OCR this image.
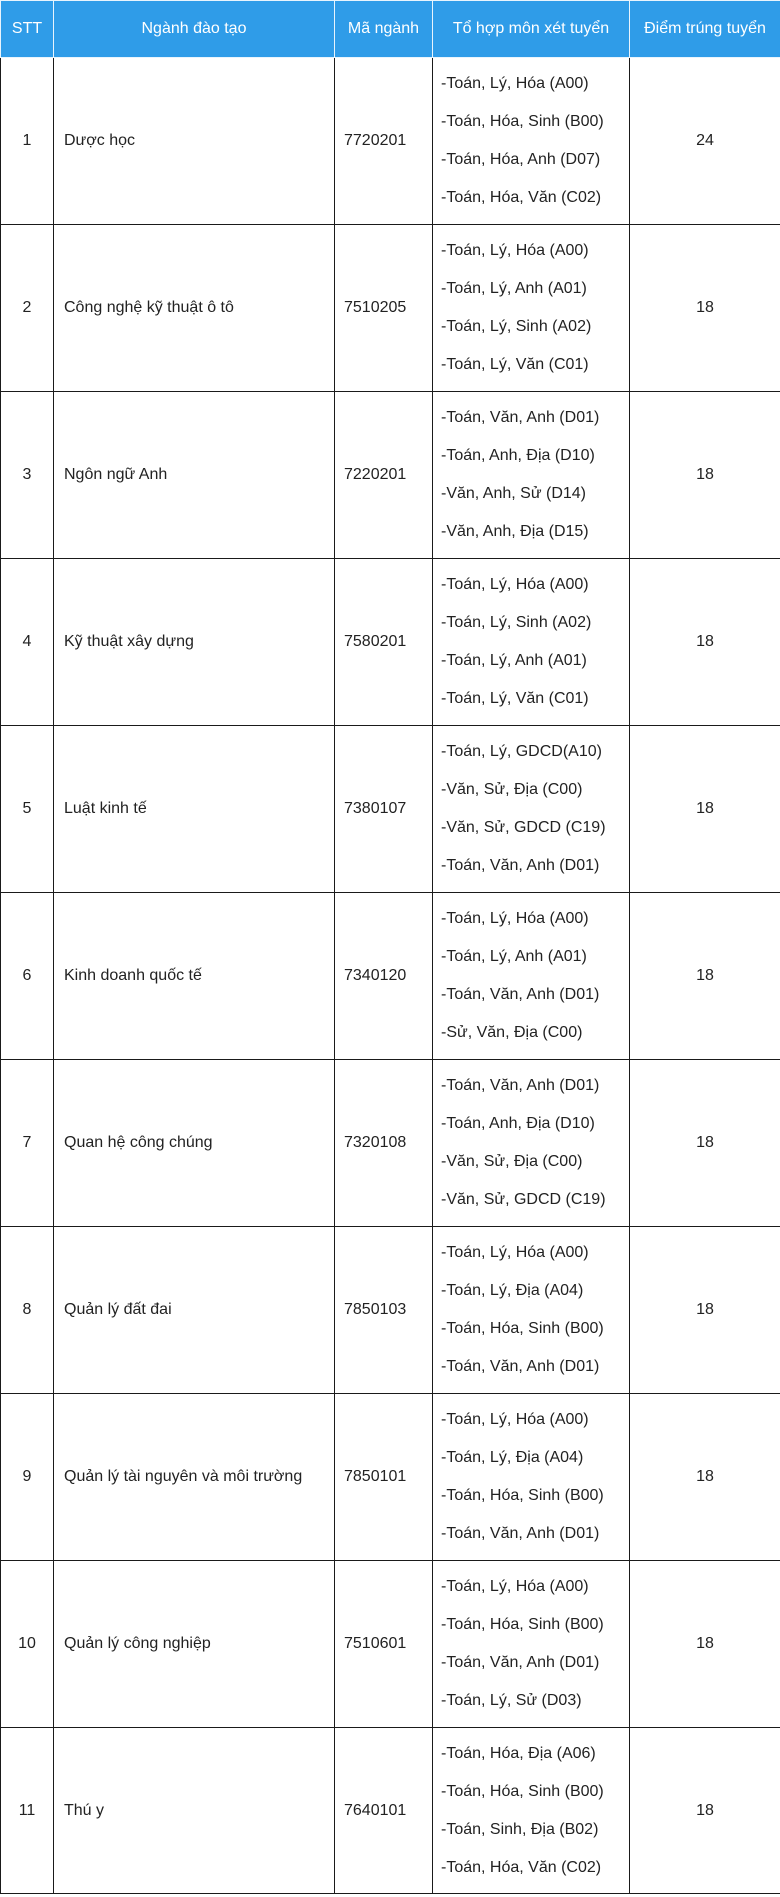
STT	Ngành đào tạo	Mã ngành	Tổ hợp môn xét tuyển	Điểm trúng tuyển
1	Dược học	7720201	-Toán, Lý, Hóa (A00)
-Toán, Hóa, Sinh (B00)
-Toán, Hóa, Anh (D07)
-Toán, Hóa, Văn (C02)	24
2	Công nghệ kỹ thuật ô tô	7510205	-Toán, Lý, Hóa (A00)
-Toán, Lý, Anh (A01)
-Toán, Lý, Sinh (A02)
-Toán, Lý, Văn (C01)	18
3	Ngôn ngữ Anh	7220201	-Toán, Văn, Anh (D01)
-Toán, Anh, Địa (D10)
-Văn, Anh, Sử (D14)
-Văn, Anh, Địa (D15)	18
4	Kỹ thuật xây dựng	7580201	-Toán, Lý, Hóa (A00)
-Toán, Lý, Sinh (A02)
-Toán, Lý, Anh (A01)
-Toán, Lý, Văn (C01)	18
5	Luật kinh tế	7380107	-Toán, Lý, GDCD(A10)
-Văn, Sử, Địa (C00)
-Văn, Sử, GDCD (C19)
-Toán, Văn, Anh (D01)	18
6	Kinh doanh quốc tế	7340120	-Toán, Lý, Hóa (A00)
-Toán, Lý, Anh (A01)
-Toán, Văn, Anh (D01)
-Sử, Văn, Địa (C00)	18
7	Quan hệ công chúng	7320108	-Toán, Văn, Anh (D01)
-Toán, Anh, Địa (D10)
-Văn, Sử, Địa (C00)
-Văn, Sử, GDCD (C19)	18
8	Quản lý đất đai	7850103	-Toán, Lý, Hóa (A00)
-Toán, Lý, Địa (A04)
-Toán, Hóa, Sinh (B00)
-Toán, Văn, Anh (D01)	18
9	Quản lý tài nguyên và môi trường	7850101	-Toán, Lý, Hóa (A00)
-Toán, Lý, Địa (A04)
-Toán, Hóa, Sinh (B00)
-Toán, Văn, Anh (D01)	18
10	Quản lý công nghiệp	7510601	-Toán, Lý, Hóa (A00)
-Toán, Hóa, Sinh (B00)
-Toán, Văn, Anh (D01)
-Toán, Lý, Sử (D03)	18
11	Thú y	7640101	-Toán, Hóa, Địa (A06)
-Toán, Hóa, Sinh (B00)
-Toán, Sinh, Địa (B02)
-Toán, Hóa, Văn (C02)	18
